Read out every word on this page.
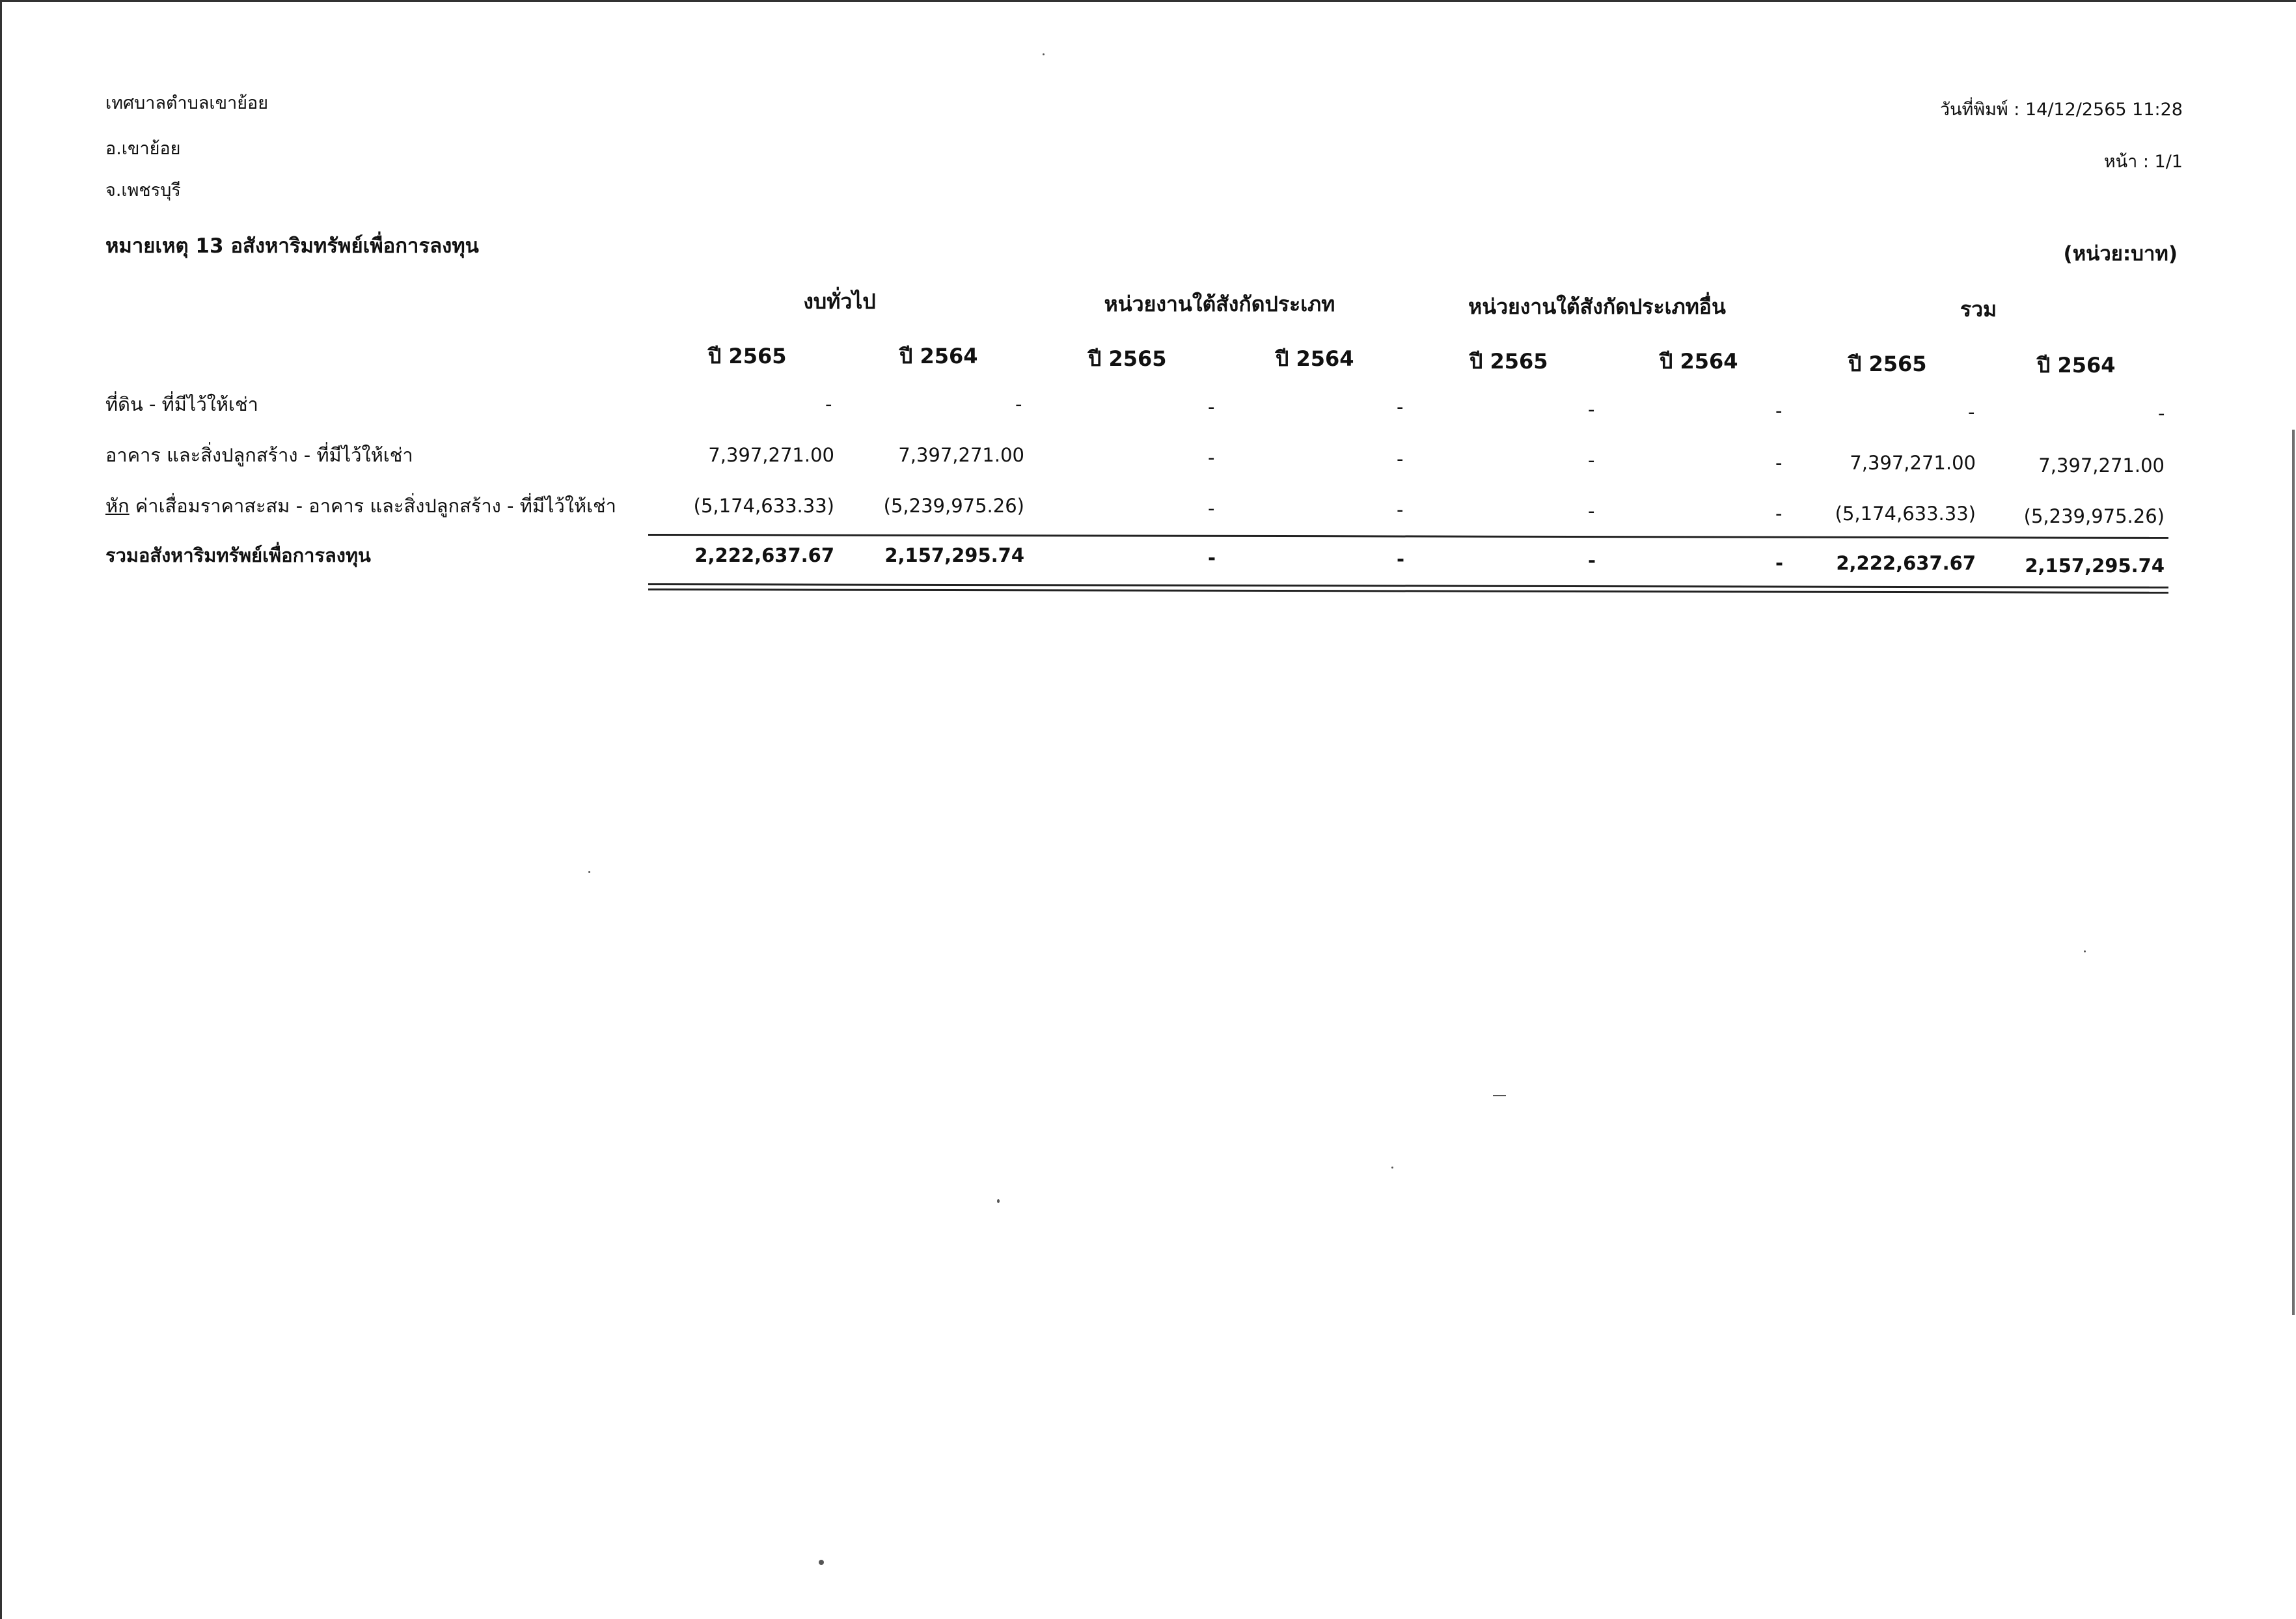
เทศบาลตำบลเขาย้อย
อ.เขาย้อย
จ.เพชรบุรี
วันที่พิมพ์ : 14/12/2565 11:28
หน้า : 1/1
(หน่วย:บาท)
หมายเหตุ 13 อสังหาริมทรัพย์เพื่อการลงทุน
งบทั่วไป	หน่วยงานใต้สังกัดประเภท	หน่วยงานใต้สังกัดประเภทอื่น	รวม
ปี 2565	ปี 2564	ปี 2565	ปี 2564	ปี 2565	ปี 2564	ปี 2565	ปี 2564
ที่ดิน - ที่มีไว้ให้เช่า	-	-	-	-	-	-	-	-
อาคาร และสิ่งปลูกสร้าง - ที่มีไว้ให้เช่า	7,397,271.00	7,397,271.00	-	-	-	-	7,397,271.00	7,397,271.00
หัก ค่าเสื่อมราคาสะสม - อาคาร และสิ่งปลูกสร้าง - ที่มีไว้ให้เช่า	(5,174,633.33)	(5,239,975.26)	-	-	-	-	(5,174,633.33)	(5,239,975.26)
รวมอสังหาริมทรัพย์เพื่อการลงทุน	2,222,637.67	2,157,295.74	-	-	-	-	2,222,637.67	2,157,295.74
